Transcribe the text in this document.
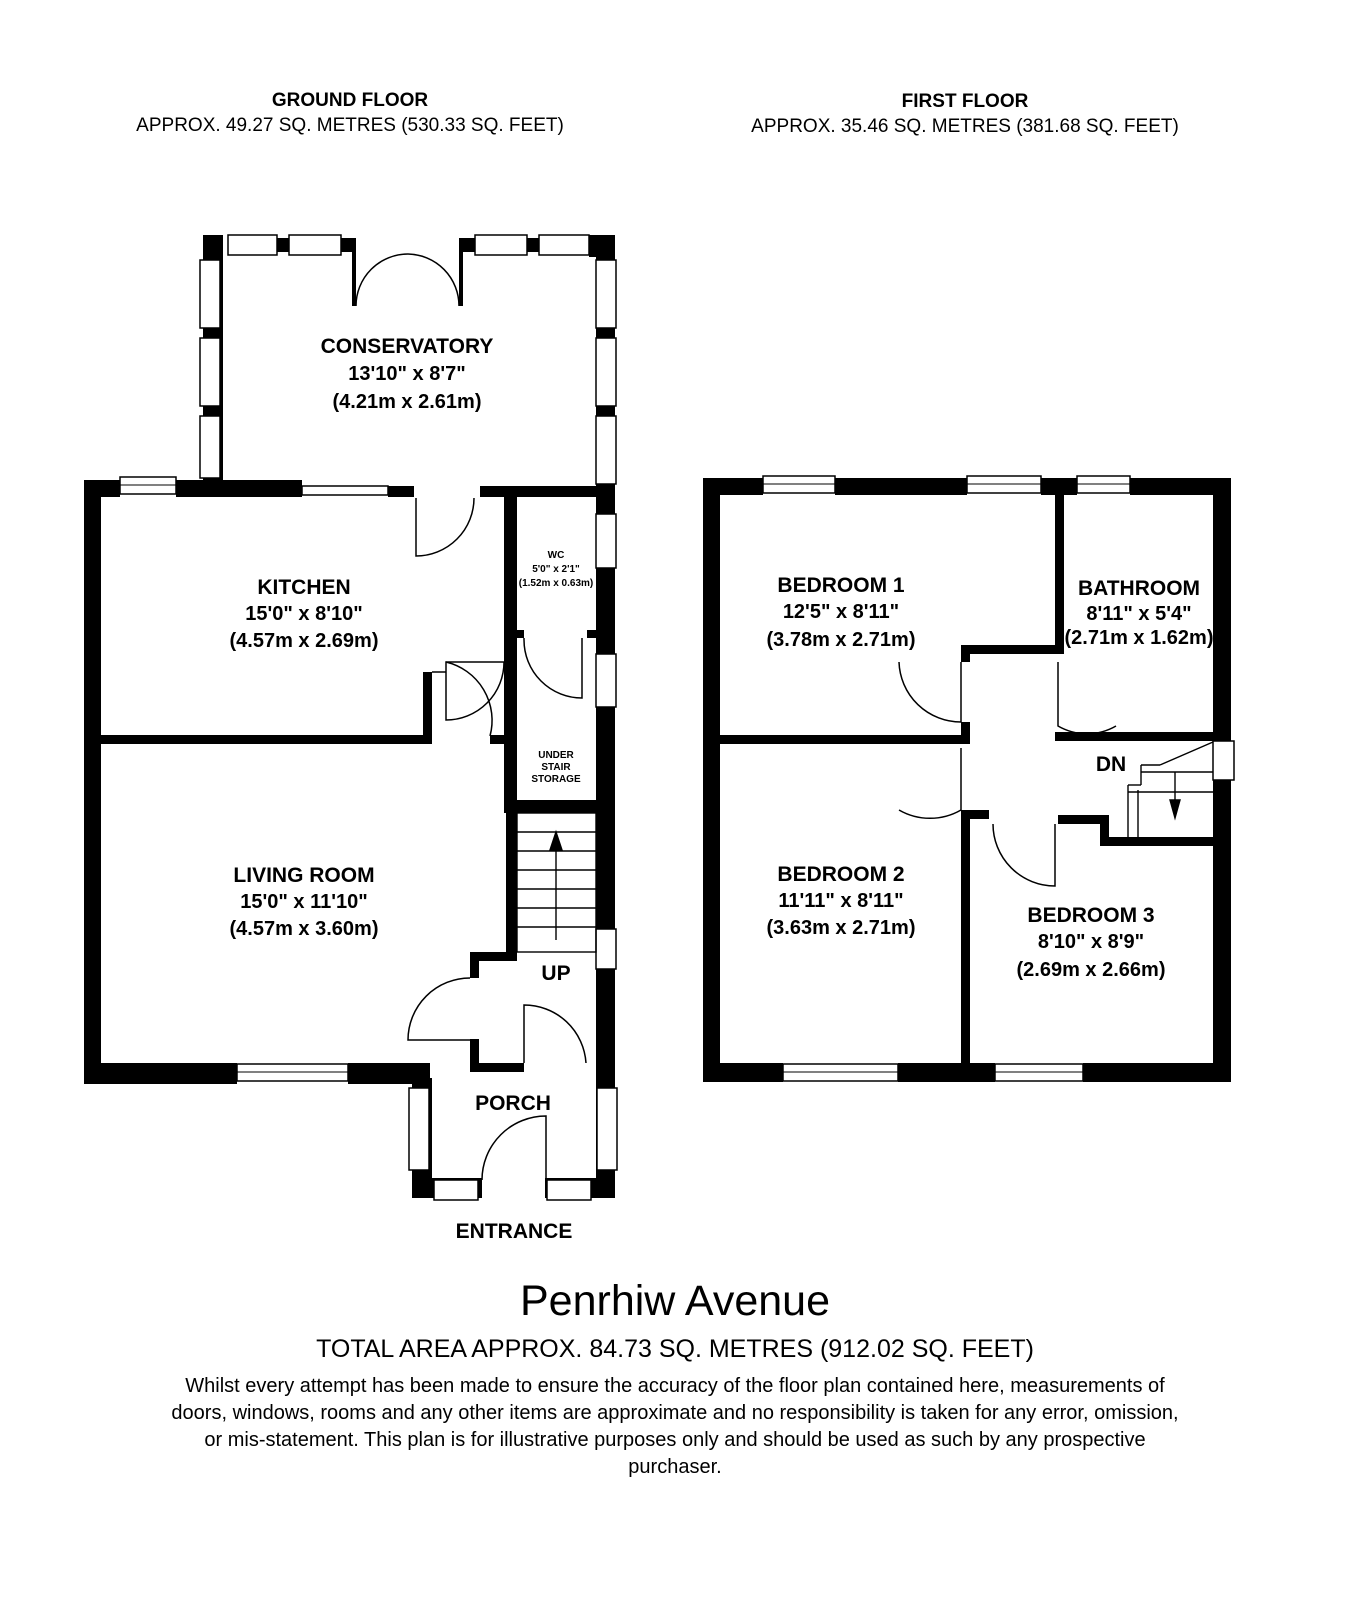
GROUND FLOOR
APPROX. 49.27 SQ. METRES (530.33 SQ. FEET)
FIRST FLOOR
APPROX. 35.46 SQ. METRES (381.68 SQ. FEET)
CONSERVATORY
13'10" x 8'7"
(4.21m x 2.61m)
KITCHEN
15'0" x 8'10"
(4.57m x 2.69m)
WC
5'0" x 2'1"
(1.52m x 0.63m)
UNDER
STAIR
STORAGE
LIVING ROOM
15'0" x 11'10"
(4.57m x 3.60m)
UP
PORCH
ENTRANCE
BEDROOM 1
12'5" x 8'11"
(3.78m x 2.71m)
BATHROOM
8'11" x 5'4"
(2.71m x 1.62m)
DN
BEDROOM 2
11'11" x 8'11"
(3.63m x 2.71m)
BEDROOM 3
8'10" x 8'9"
(2.69m x 2.66m)
Penrhiw Avenue
TOTAL AREA APPROX. 84.73 SQ. METRES (912.02 SQ. FEET)
Whilst every attempt has been made to ensure the accuracy of the floor plan contained here, measurements of doors, windows, rooms and any other items are approximate and no responsibility is taken for any error, omission, or mis-statement. This plan is for illustrative purposes only and should be used as such by any prospective purchaser.
